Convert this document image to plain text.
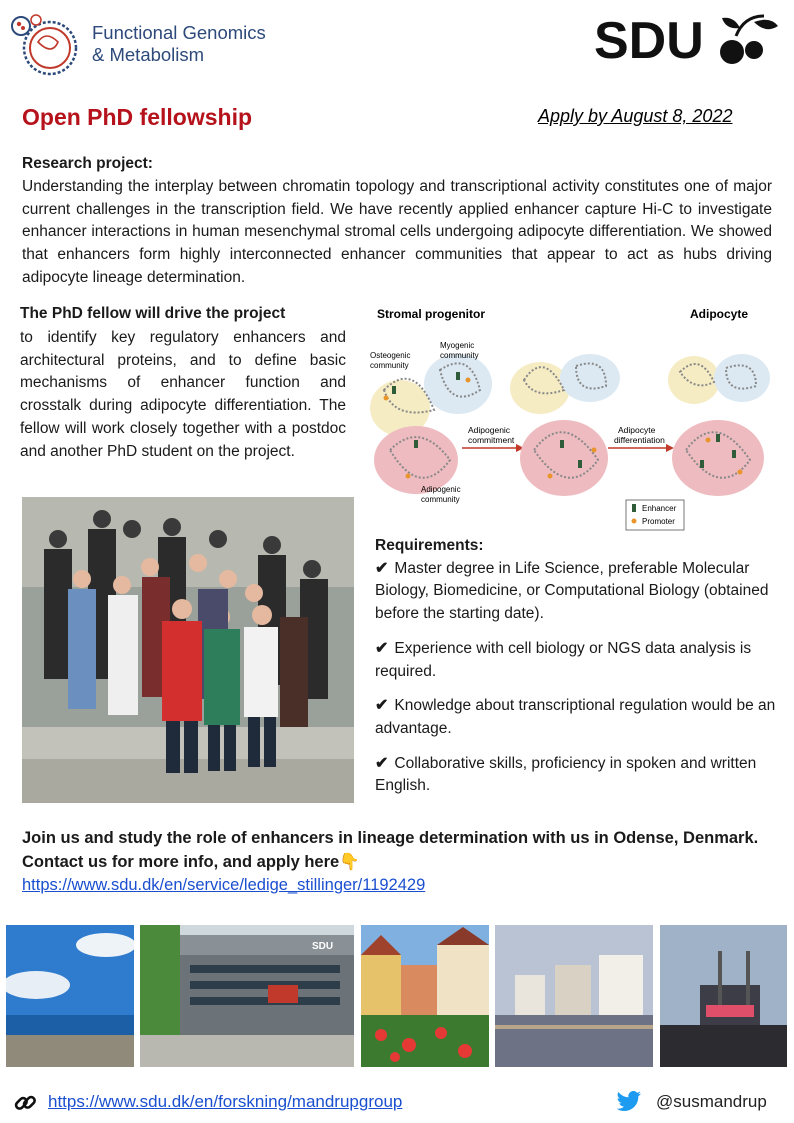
Functional Genomics
& Metabolism	SDU
Open PhD fellowship	Apply by August 8, 2022
Research project:
Understanding the interplay between chromatin topology and transcriptional activity constitutes one of major current challenges in the transcription field. We have recently applied enhancer capture Hi-C to investigate enhancer interactions in human mesenchymal stromal cells undergoing adipocyte differentiation. We showed that enhancers form highly interconnected enhancer communities that appear to act as hubs driving adipocyte lineage determination.
The PhD fellow will drive the project
to identify key regulatory enhancers and architectural proteins, and to define basic mechanisms of enhancer function and crosstalk during adipocyte differentiation. The fellow will work closely together with a postdoc and another PhD student on the project.
Stromal progenitor	Adipocyte
Osteogenic
community
Myogenic
community
Adipogenic
community
Adipogenic
commitment
Adipocyte
differentiation
Enhancer
Promoter
Requirements:
✔ Master degree in Life Science, preferable Molecular Biology, Biomedicine, or Computational Biology (obtained before the starting date).
✔ Experience with cell biology or NGS data analysis is required.
✔ Knowledge about transcriptional regulation would be an advantage.
✔ Collaborative skills, proficiency in spoken and written English.
Join us and study the role of enhancers in lineage determination with us in Odense, Denmark. Contact us for more info, and apply here👇
https://www.sdu.dk/en/service/ledige_stillinger/1192429
SDU
https://www.sdu.dk/en/forskning/mandrupgroup	@susmandrup
